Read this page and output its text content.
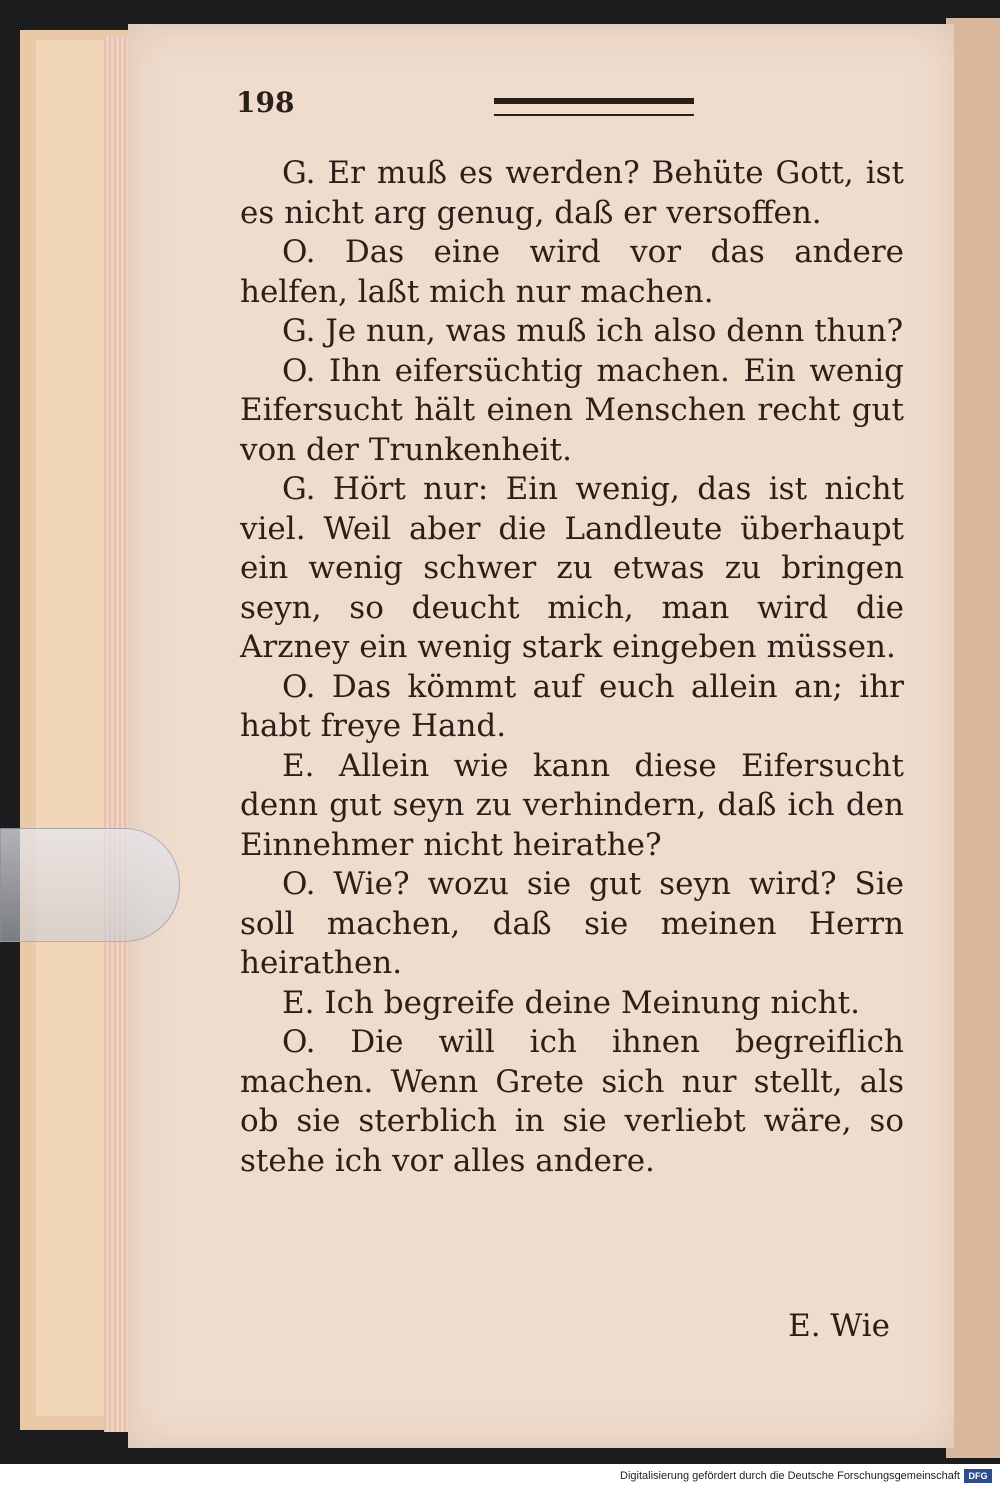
198

G. Er muß es werden? Behüte Gott, ist es nicht arg genug, daß er versoffen.

O. Das eine wird vor das andere helfen, laßt mich nur machen.

G. Je nun, was muß ich also denn thun?

O. Ihn eifersüchtig machen. Ein wenig Eifersucht hält einen Menschen recht gut von der Trunkenheit.

G. Hört nur: Ein wenig, das ist nicht viel. Weil aber die Landleute überhaupt ein wenig schwer zu etwas zu bringen seyn, so deucht mich, man wird die Arzney ein wenig stark eingeben müssen.

O. Das kömmt auf euch allein an; ihr habt freye Hand.

E. Allein wie kann diese Eifersucht denn gut seyn zu verhindern, daß ich den Einnehmer nicht heirathe?

O. Wie? wozu sie gut seyn wird? Sie soll machen, daß sie meinen Herrn heirathen.

E. Ich begreife deine Meinung nicht.

O. Die will ich ihnen begreiflich machen. Wenn Grete sich nur stellt, als ob sie sterblich in sie verliebt wäre, so stehe ich vor alles andere.

E. Wie
Digitalisierung gefördert durch die Deutsche Forschungsgemeinschaft DFG
